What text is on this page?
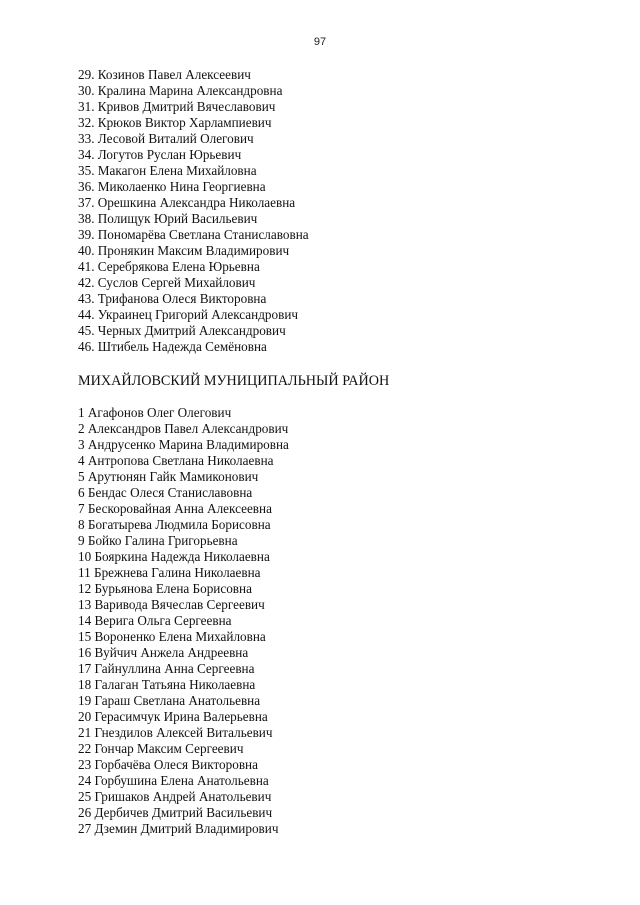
97
29. Козинов Павел Алексеевич
30. Кралина Марина Александровна
31. Кривов Дмитрий Вячеславович
32. Крюков Виктор Харлампиевич
33. Лесовой Виталий Олегович
34. Логутов Руслан Юрьевич
35. Макагон Елена Михайловна
36. Миколаенко Нина Георгиевна
37. Орешкина Александра Николаевна
38. Полищук Юрий Васильевич
39. Пономарёва Светлана Станиславовна
40. Пронякин Максим Владимирович
41. Серебрякова Елена Юрьевна
42. Суслов Сергей Михайлович
43. Трифанова Олеся Викторовна
44. Украинец Григорий Александрович
45. Черных Дмитрий Александрович
46. Штибель Надежда Семёновна
МИХАЙЛОВСКИЙ МУНИЦИПАЛЬНЫЙ РАЙОН
1 Агафонов Олег Олегович
2 Александров Павел Александрович
3 Андрусенко Марина Владимировна
4 Антропова Светлана Николаевна
5 Арутюнян Гайк Мамиконович
6 Бендас Олеся Станиславовна
7 Бескоровайная Анна Алексеевна
8 Богатырева Людмила Борисовна
9 Бойко Галина Григорьевна
10 Бояркина Надежда Николаевна
11 Брежнева Галина Николаевна
12 Бурьянова Елена Борисовна
13 Варивода Вячеслав Сергеевич
14 Верига Ольга Сергеевна
15 Вороненко Елена Михайловна
16 Вуйчич Анжела Андреевна
17 Гайнуллина Анна Сергеевна
18 Галаган Татьяна Николаевна
19 Гараш Светлана Анатольевна
20 Герасимчук Ирина Валерьевна
21 Гнездилов Алексей Витальевич
22 Гончар Максим Сергеевич
23 Горбачёва Олеся Викторовна
24 Горбушина Елена Анатольевна
25 Гришаков Андрей Анатольевич
26 Дербичев Дмитрий Васильевич
27 Дземин Дмитрий Владимирович
